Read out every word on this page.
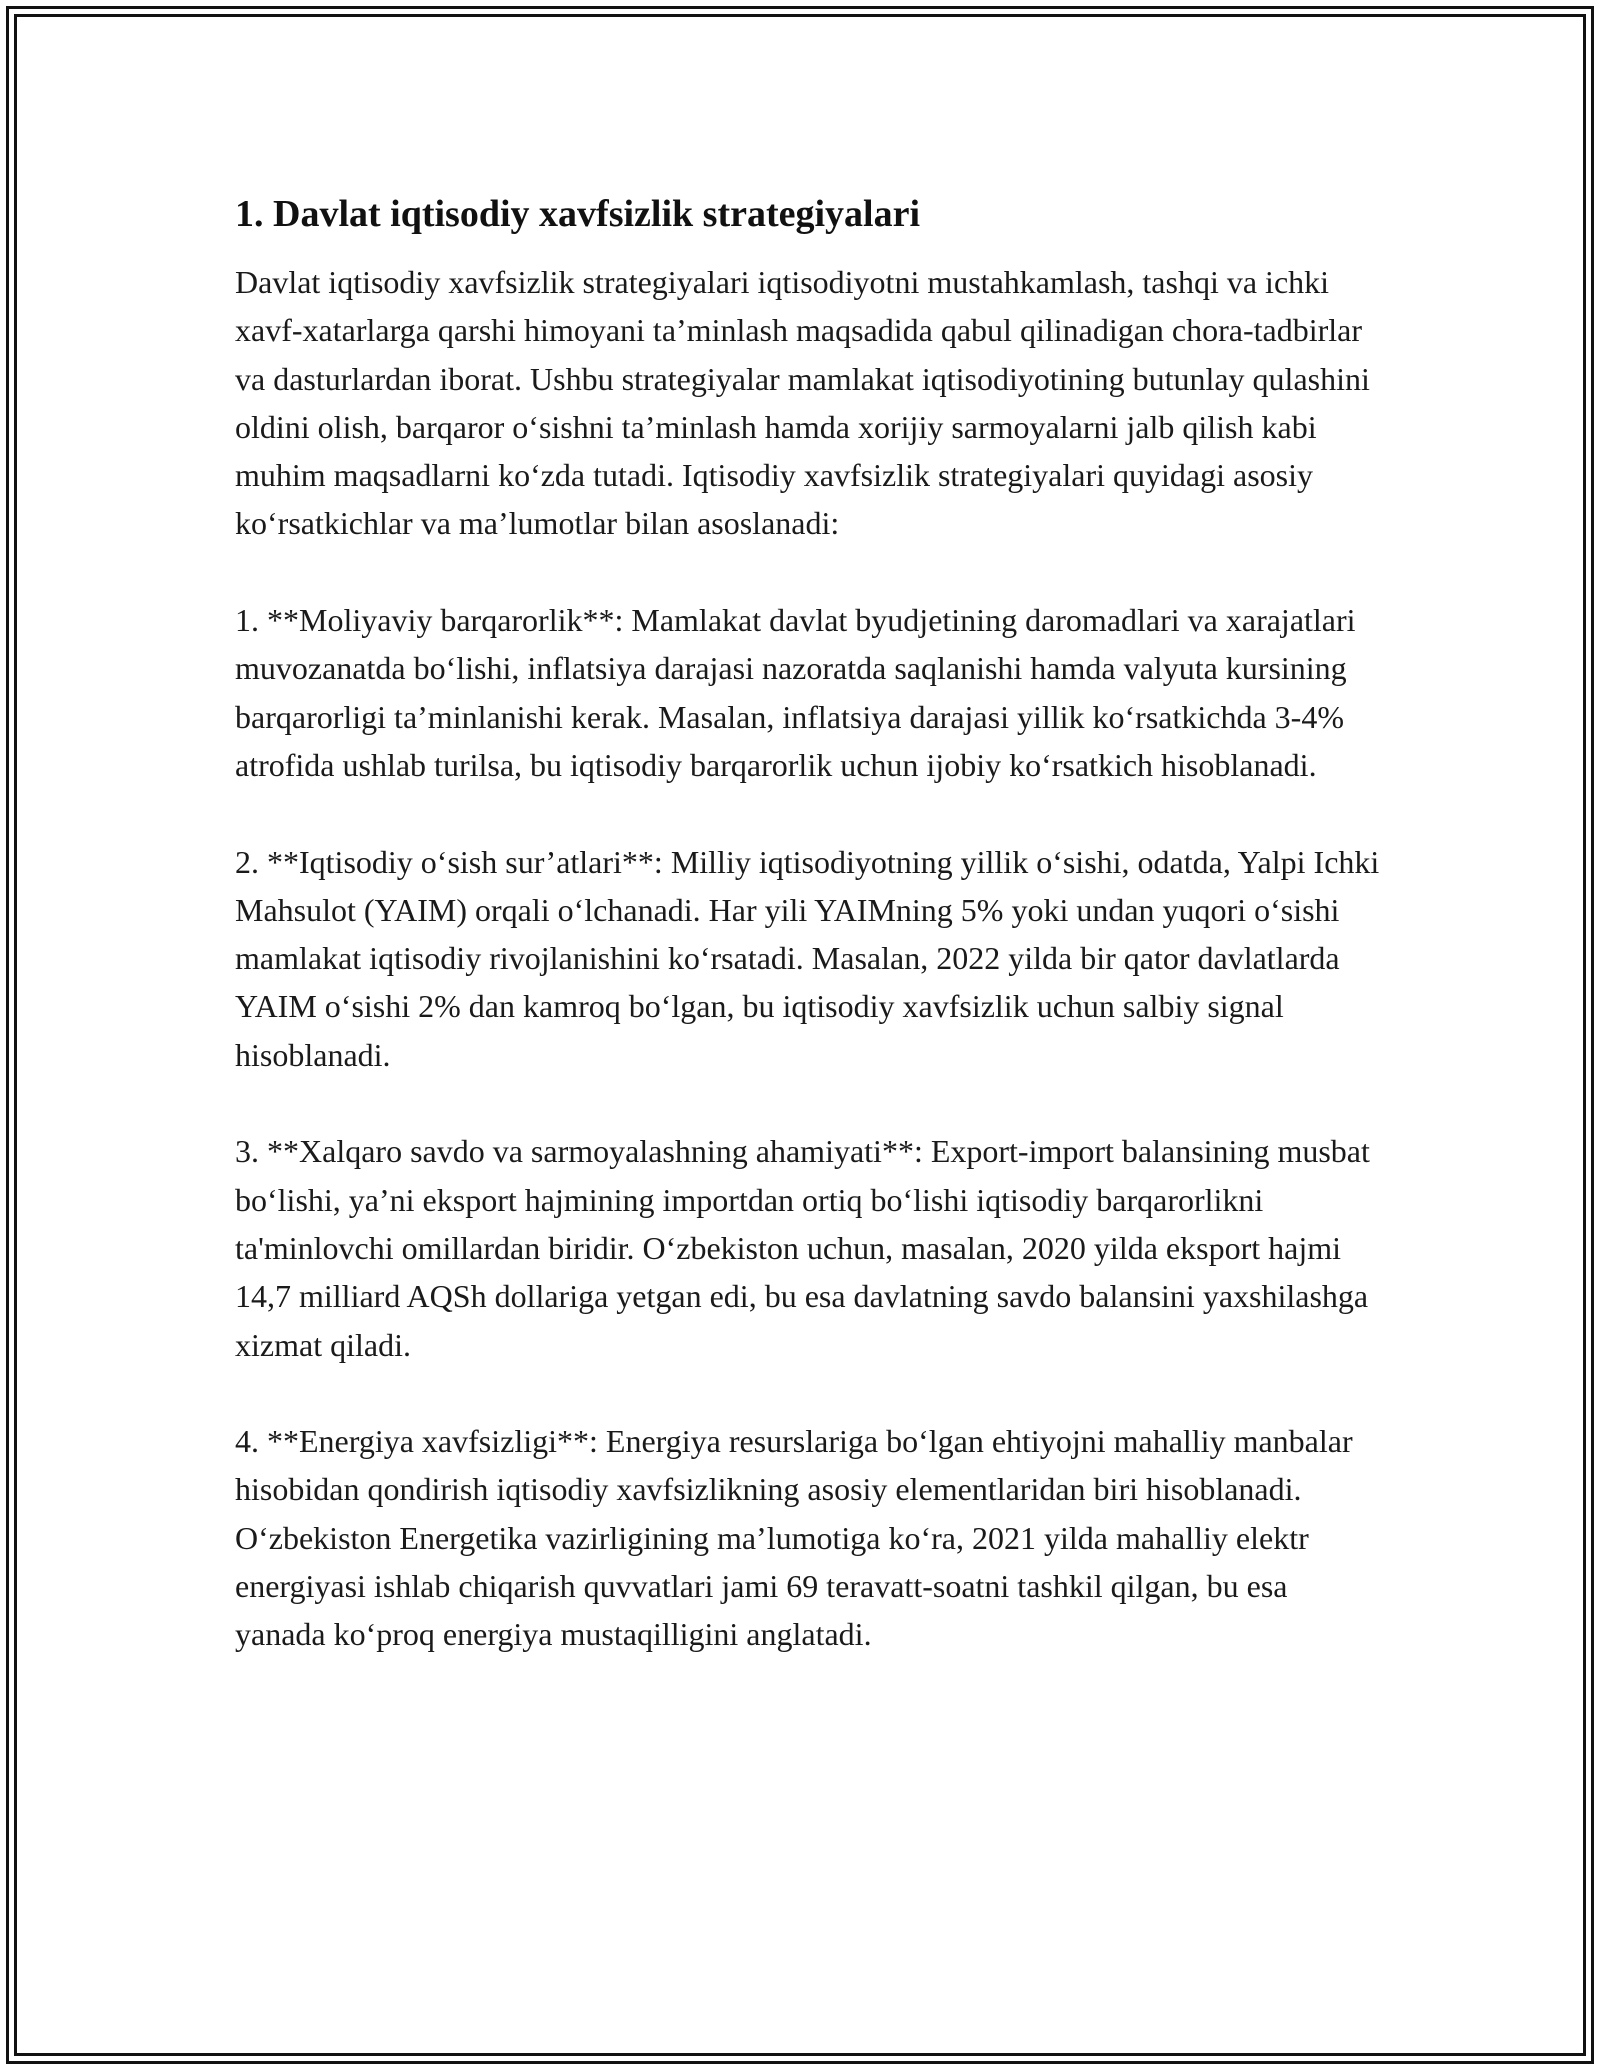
1. Davlat iqtisodiy xavfsizlik strategiyalari

Davlat iqtisodiy xavfsizlik strategiyalari iqtisodiyotni mustahkamlash, tashqi va ichki xavf-xatarlarga qarshi himoyani ta’minlash maqsadida qabul qilinadigan chora-tadbirlar va dasturlardan iborat. Ushbu strategiyalar mamlakat iqtisodiyotining butunlay qulashini oldini olish, barqaror o‘sishni ta’minlash hamda xorijiy sarmoyalarni jalb qilish kabi muhim maqsadlarni ko‘zda tutadi. Iqtisodiy xavfsizlik strategiyalari quyidagi asosiy ko‘rsatkichlar va ma’lumotlar bilan asoslanadi:

1. **Moliyaviy barqarorlik**: Mamlakat davlat byudjetining daromadlari va xarajatlari muvozanatda bo‘lishi, inflatsiya darajasi nazoratda saqlanishi hamda valyuta kursining barqarorligi ta’minlanishi kerak. Masalan, inflatsiya darajasi yillik ko‘rsatkichda 3-4% atrofida ushlab turilsa, bu iqtisodiy barqarorlik uchun ijobiy ko‘rsatkich hisoblanadi.

2. **Iqtisodiy o‘sish sur’atlari**: Milliy iqtisodiyotning yillik o‘sishi, odatda, Yalpi Ichki Mahsulot (YAIM) orqali o‘lchanadi. Har yili YAIMning 5% yoki undan yuqori o‘sishi mamlakat iqtisodiy rivojlanishini ko‘rsatadi. Masalan, 2022 yilda bir qator davlatlarda YAIM o‘sishi 2% dan kamroq bo‘lgan, bu iqtisodiy xavfsizlik uchun salbiy signal hisoblanadi.

3. **Xalqaro savdo va sarmoyalashning ahamiyati**: Export-import balansining musbat bo‘lishi, ya’ni eksport hajmining importdan ortiq bo‘lishi iqtisodiy barqarorlikni ta'minlovchi omillardan biridir. O‘zbekiston uchun, masalan, 2020 yilda eksport hajmi 14,7 milliard AQSh dollariga yetgan edi, bu esa davlatning savdo balansini yaxshilashga xizmat qiladi.

4. **Energiya xavfsizligi**: Energiya resurslariga bo‘lgan ehtiyojni mahalliy manbalar hisobidan qondirish iqtisodiy xavfsizlikning asosiy elementlaridan biri hisoblanadi. O‘zbekiston Energetika vazirligining ma’lumotiga ko‘ra, 2021 yilda mahalliy elektr energiyasi ishlab chiqarish quvvatlari jami 69 teravatt-soatni tashkil qilgan, bu esa yanada ko‘proq energiya mustaqilligini anglatadi.
